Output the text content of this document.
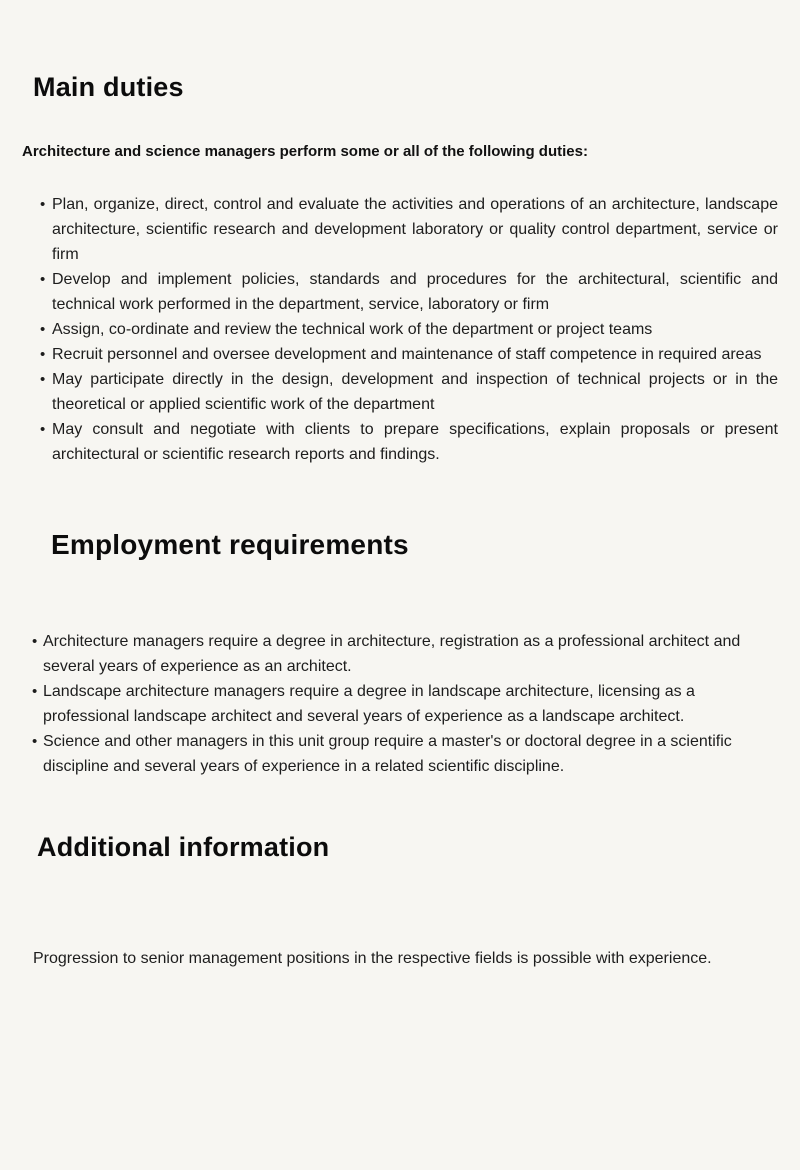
Main duties

Architecture and science managers perform some or all of the following duties:

• Plan, organize, direct, control and evaluate the activities and operations of an architecture, landscape architecture, scientific research and development laboratory or quality control department, service or firm
• Develop and implement policies, standards and procedures for the architectural, scientific and technical work performed in the department, service, laboratory or firm
• Assign, co-ordinate and review the technical work of the department or project teams
• Recruit personnel and oversee development and maintenance of staff competence in required areas
• May participate directly in the design, development and inspection of technical projects or in the theoretical or applied scientific work of the department
• May consult and negotiate with clients to prepare specifications, explain proposals or present architectural or scientific research reports and findings.
Employment requirements
• Architecture managers require a degree in architecture, registration as a professional architect and several years of experience as an architect.
• Landscape architecture managers require a degree in landscape architecture, licensing as a professional landscape architect and several years of experience as a landscape architect.
• Science and other managers in this unit group require a master's or doctoral degree in a scientific discipline and several years of experience in a related scientific discipline.
Additional information

Progression to senior management positions in the respective fields is possible with experience.
